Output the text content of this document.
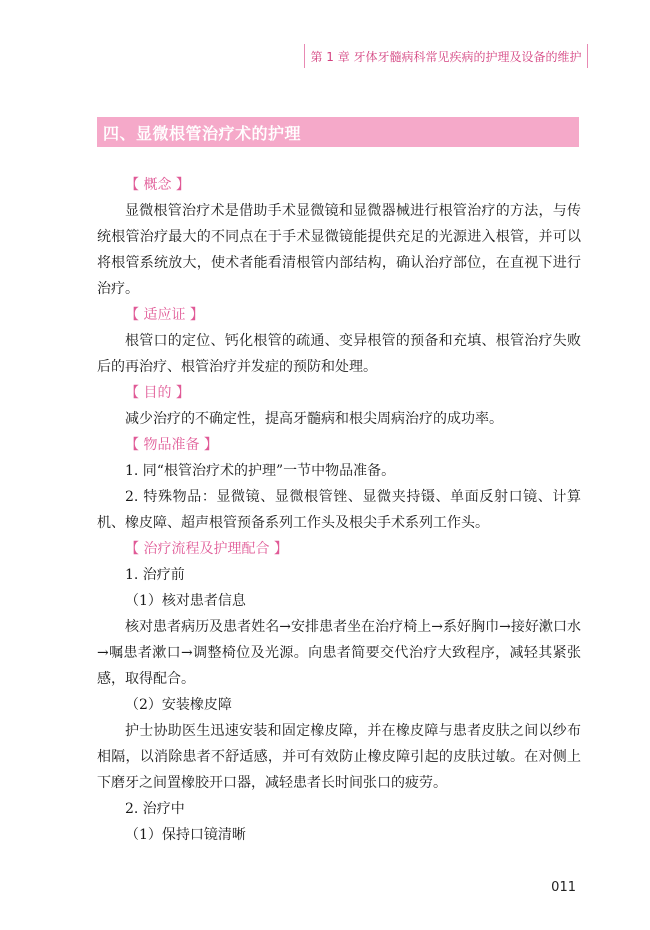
第 1 章 牙体牙髓病科常见疾病的护理及设备的维护
四、显微根管治疗术的护理

【 概念 】

显微根管治疗术是借助手术显微镜和显微器械进行根管治疗的方法，与传统根管治疗最大的不同点在于手术显微镜能提供充足的光源进入根管，并可以将根管系统放大，使术者能看清根管内部结构，确认治疗部位，在直视下进行治疗。

【 适应证 】

根管口的定位、钙化根管的疏通、变异根管的预备和充填、根管治疗失败后的再治疗、根管治疗并发症的预防和处理。

【 目的 】

减少治疗的不确定性，提高牙髓病和根尖周病治疗的成功率。

【 物品准备 】

1. 同“根管治疗术的护理”一节中物品准备。

2. 特殊物品：显微镜、显微根管锉、显微夹持镊、单面反射口镜、计算机、橡皮障、超声根管预备系列工作头及根尖手术系列工作头。

【 治疗流程及护理配合 】

1. 治疗前

（1）核对患者信息

核对患者病历及患者姓名→安排患者坐在治疗椅上→系好胸巾→接好漱口水→嘱患者漱口→调整椅位及光源。向患者简要交代治疗大致程序，减轻其紧张感，取得配合。

（2）安装橡皮障

护士协助医生迅速安装和固定橡皮障，并在橡皮障与患者皮肤之间以纱布相隔，以消除患者不舒适感，并可有效防止橡皮障引起的皮肤过敏。在对侧上下磨牙之间置橡胶开口器，减轻患者长时间张口的疲劳。

2. 治疗中

（1）保持口镜清晰

011
